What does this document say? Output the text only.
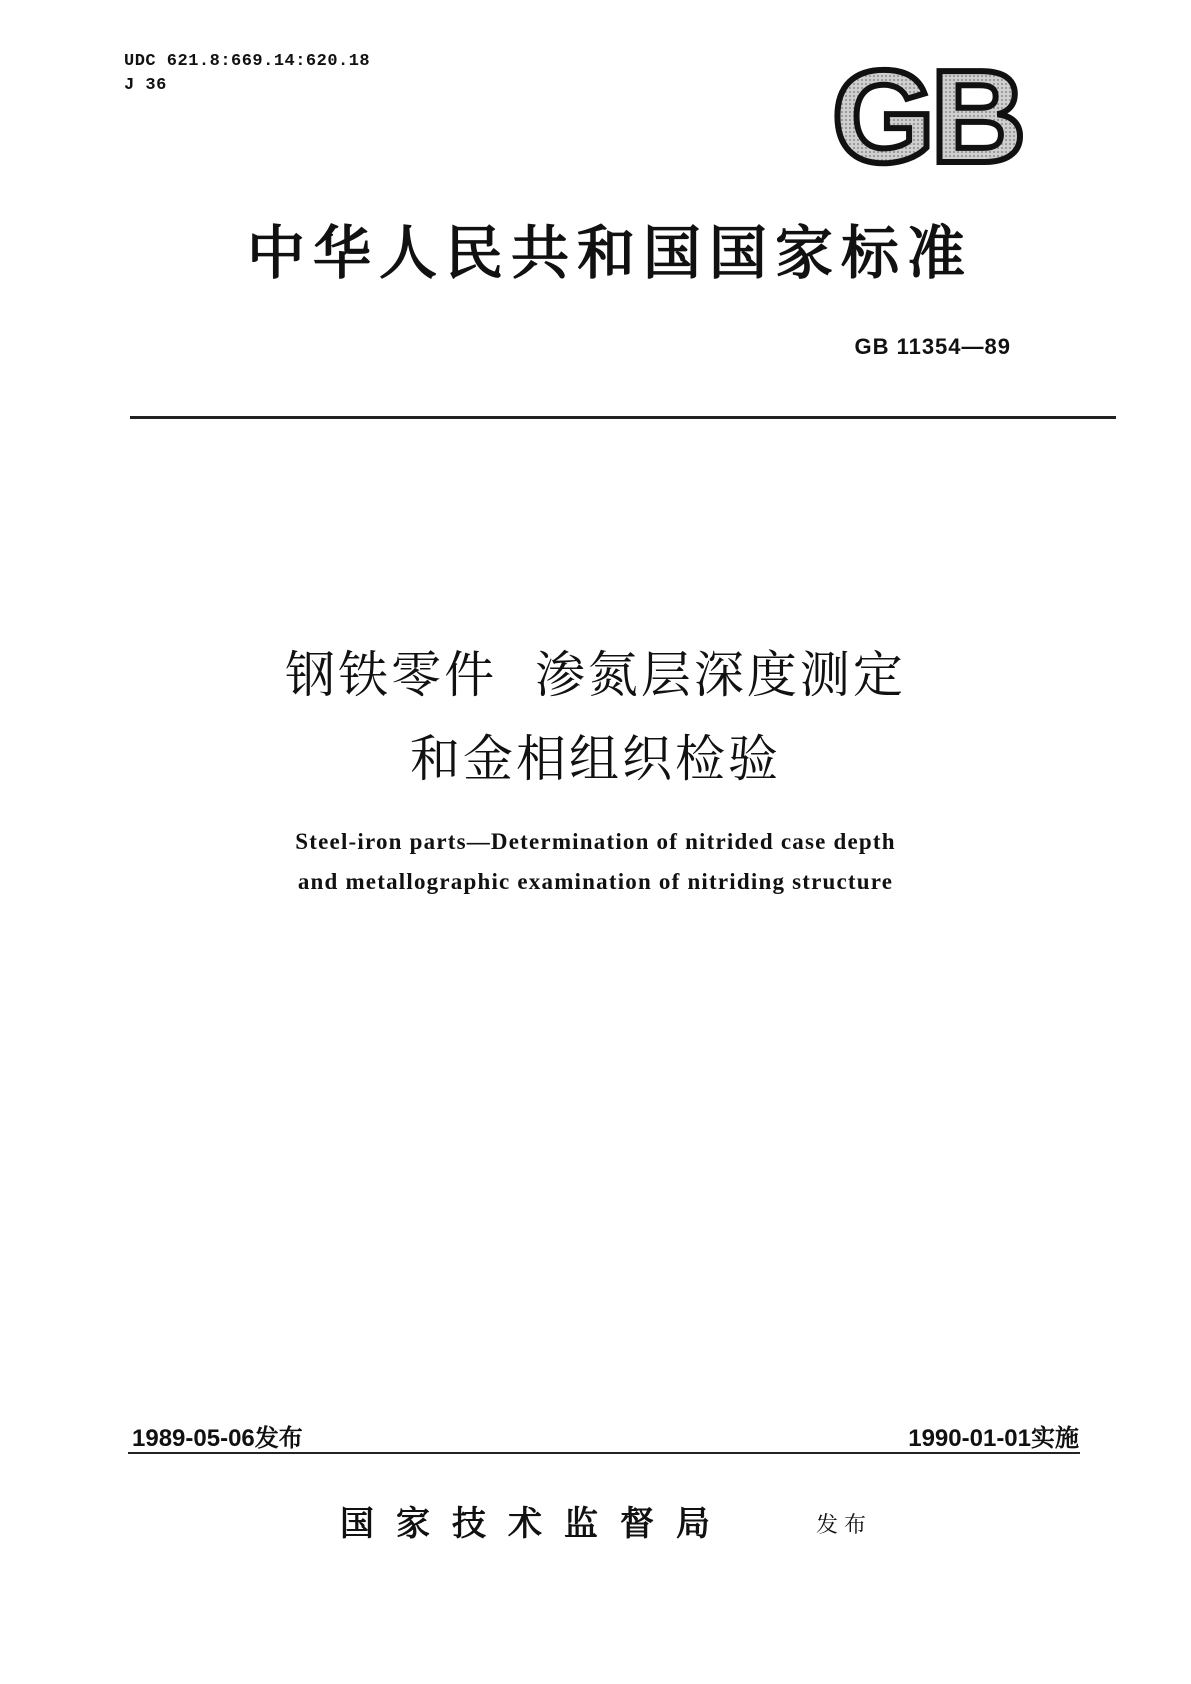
UDC 621.8:669.14:620.18
J 36	GB
中华人民共和国国家标准
GB 11354—89
钢铁零件  渗氮层深度测定
和金相组织检验
Steel-iron parts—Determination of nitrided case depth
and metallographic examination of nitriding structure
1989-05-06发布	1990-01-01实施
国家技术监督局	发布
